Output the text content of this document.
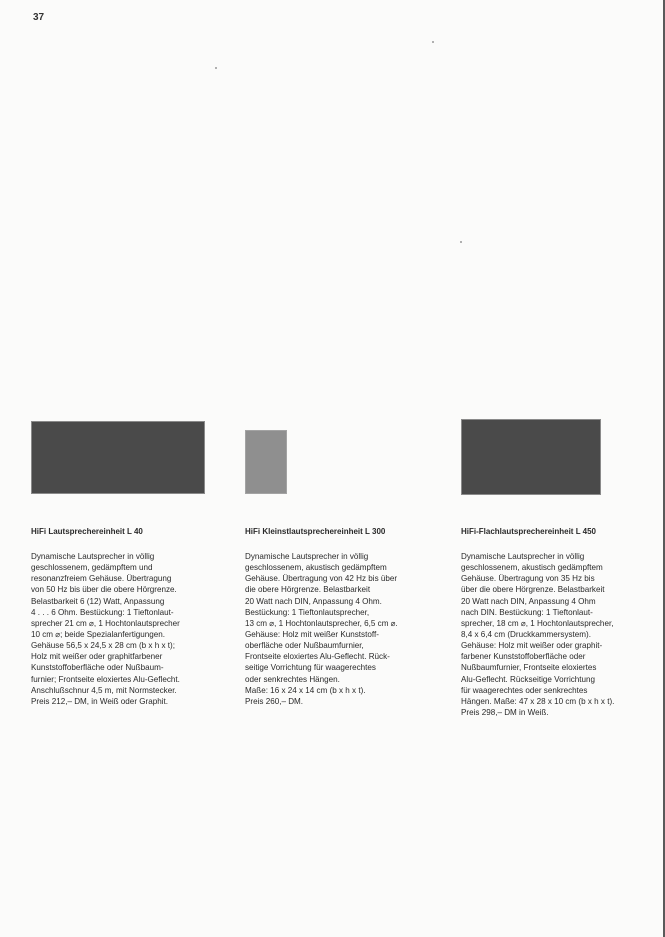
37
HiFi Lautsprechereinheit L 40
Dynamische Lautsprecher in völlig
geschlossenem, gedämpftem und
resonanzfreiem Gehäuse. Übertragung
von 50 Hz bis über die obere Hörgrenze.
Belastbarkeit 6 (12) Watt, Anpassung
4 . . . 6 Ohm. Bestückung: 1 Tieftonlaut-
sprecher 21 cm ⌀, 1 Hochtonlautsprecher
10 cm ⌀; beide Spezialanfertigungen.
Gehäuse 56,5 x 24,5 x 28 cm (b x h x t);
Holz mit weißer oder graphitfarbener
Kunststoffoberfläche oder Nußbaum-
furnier; Frontseite eloxiertes Alu-Geflecht.
Anschlußschnur 4,5 m, mit Normstecker.
Preis 212,– DM, in Weiß oder Graphit.
HiFi Kleinstlautsprechereinheit L 300
Dynamische Lautsprecher in völlig
geschlossenem, akustisch gedämpftem
Gehäuse. Übertragung von 42 Hz bis über
die obere Hörgrenze. Belastbarkeit
20 Watt nach DIN, Anpassung 4 Ohm.
Bestückung: 1 Tieftonlautsprecher,
13 cm ⌀, 1 Hochtonlautsprecher, 6,5 cm ⌀.
Gehäuse: Holz mit weißer Kunststoff-
oberfläche oder Nußbaumfurnier,
Frontseite eloxiertes Alu-Geflecht. Rück-
seitige Vorrichtung für waagerechtes
oder senkrechtes Hängen.
Maße: 16 x 24 x 14 cm (b x h x t).
Preis 260,– DM.
HiFi-Flachlautsprechereinheit L 450
Dynamische Lautsprecher in völlig
geschlossenem, akustisch gedämpftem
Gehäuse. Übertragung von 35 Hz bis
über die obere Hörgrenze. Belastbarkeit
20 Watt nach DIN, Anpassung 4 Ohm
nach DIN. Bestückung: 1 Tieftonlaut-
sprecher, 18 cm ⌀, 1 Hochtonlautsprecher,
8,4 x 6,4 cm (Druckkammersystem).
Gehäuse: Holz mit weißer oder graphit-
farbener Kunststoffoberfläche oder
Nußbaumfurnier, Frontseite eloxiertes
Alu-Geflecht. Rückseitige Vorrichtung
für waagerechtes oder senkrechtes
Hängen. Maße: 47 x 28 x 10 cm (b x h x t).
Preis 298,– DM in Weiß.
